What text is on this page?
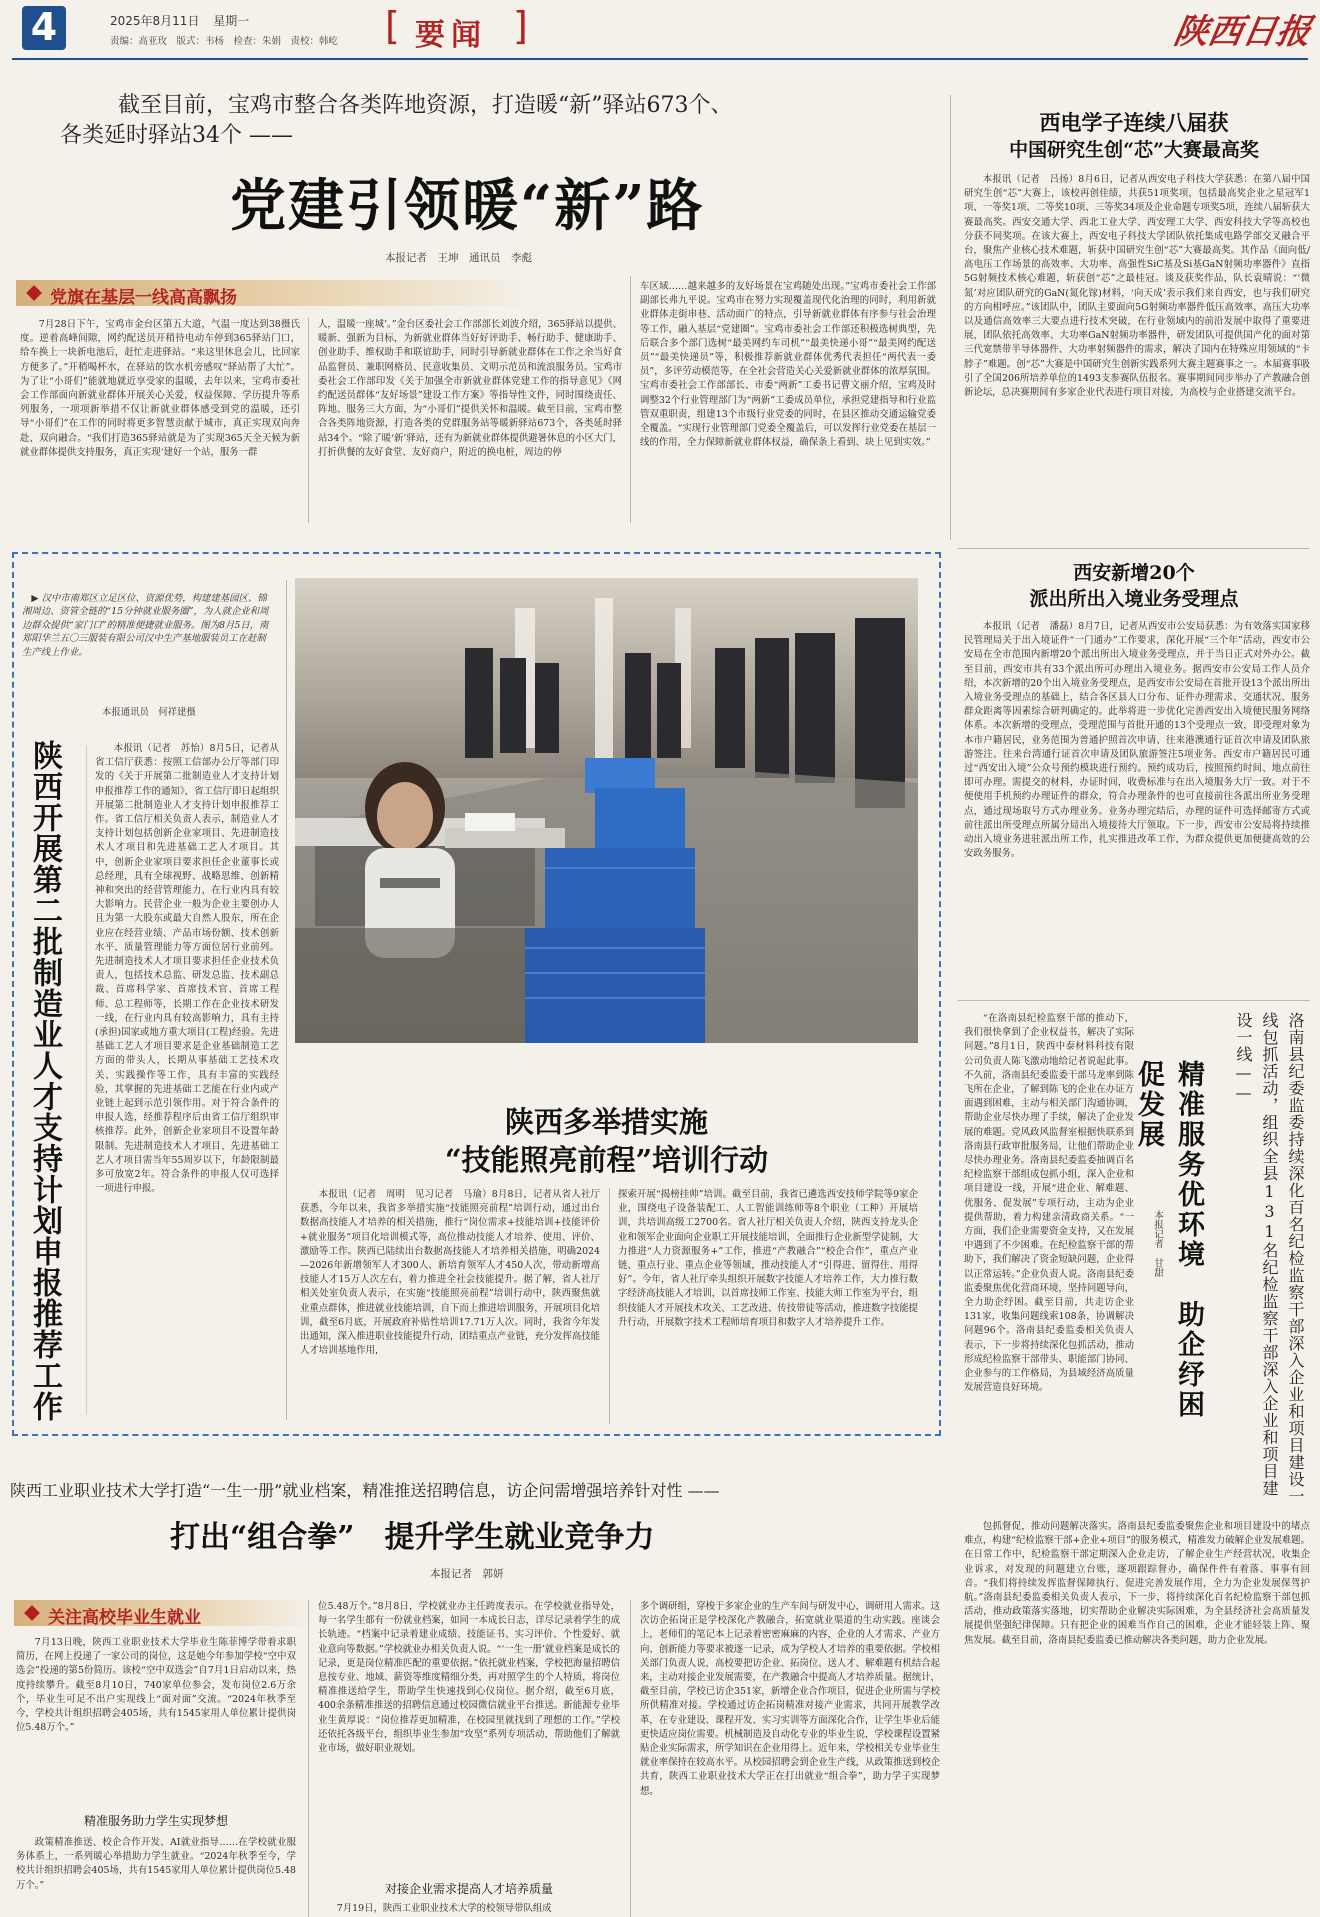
4	2025年8月11日 星期一
责编：高亚玫　版式：韦杨　检查：朱娟　责校：韩屹 [ 要闻 ]	陕西日报
截至目前，宝鸡市整合各类阵地资源，打造暖“新”驿站673个、
各类延时驿站34个 ——
党建引领暖“新”路
本报记者　王坤　通讯员　李彪
党旗在基层一线高高飘扬
7月28日下午，宝鸡市金台区第五大道，气温一度达到38摄氏度。逆着高峰间隙，网约配送员开稍待电动车停到365驿站门口，给车换上一块新电池后，赶忙走进驿站。“来这里休息会儿，比回家方便多了。”开稍喝杯水，在驿站的饮水机旁感叹“驿站帮了大忙”。为了让“小哥们”能就地就近享受家的温暖，去年以来，宝鸡市委社会工作部面向新就业群体开展关心关爱，权益保障、学历提升等系列服务，一项项新举措不仅让新就业群体感受到党的温暖，还引导“小哥们”在工作的同时将更多智慧贡献于城市，真正实现双向奔赴、双向融合。“我们打造365驿站就是为了实现365天全天候为新就业群体提供支持服务，真正实现‘建好一个站，服务一群
人，温暖一座城’。”金台区委社会工作部部长刘波介绍，365驿站以提供、暖新、强新为目标，为新就业群体当好好评助手、畅行助手、健康助手、创业助手、维权助手和联谊助手，同时引导新就业群体在工作之余当好食品监督员、兼职网格员、民意收集员、文明示范员和流浪服务员。宝鸡市委社会工作部印发《关于加强全市新就业群体党建工作的指导意见》《网约配送员群体“友好场景”建设工作方案》等指导性文件，同时围绕责任、阵地、服务三大方面，为“小哥们”提供关怀和温暖。截至目前，宝鸡市整合各类阵地资源，打造各类的党群服务站等暖新驿站673个，各类延时驿站34个。“除了暖‘新’驿站，还有为新就业群体提供避暑休息的小区大门，打折供餐的友好食堂、友好商户，附近的换电桩，周边的停
车区域……越来越多的友好场景在宝鸡随处出现。”宝鸡市委社会工作部副部长弗九平说。宝鸡市在努力实现覆盖现代化治理的同时，利用新就业群体走街串巷、活动面广的特点，引导新就业群体有序参与社会治理等工作，融入基层“党建圈”。宝鸡市委社会工作部还积极选树典型，先后联合多个部门选树“最美网约车司机”“最美快递小哥”“最美网约配送员”“最美快递员”等，积极推荐新就业群体优秀代表担任“两代表一委员”，多评劳动模范等，在全社会营造关心关爱新就业群体的浓厚氛围。宝鸡市委社会工作部部长、市委“两新”工委书记曹文丽介绍，宝鸡及时调整32个行业管理部门为“两新”工委成员单位，承担党建指导和行业监管双重职责，组建13个市级行业党委的同时，在县区推动交通运输党委全覆盖。“实现行业管理部门党委全覆盖后，可以发挥行业党委在基层一线的作用，全力保障新就业群体权益，确保条上看到、块上见到实效。”
西电学子连续八届获
中国研究生创“芯”大赛最高奖
本报讯（记者　吕扬）8月6日，记者从西安电子科技大学获悉：在第八届中国研究生创“芯”大赛上，该校再创佳绩，共获51项奖项，包括最高奖企业之星冠军1项、一等奖1项、二等奖10项、三等奖34项及企业命题专项奖5项，连续八届斩获大赛最高奖。西安交通大学、西北工业大学、西安理工大学、西安科技大学等高校也分获不同奖项。在该大赛上，西安电子科技大学团队依托集成电路学部交叉融合平台，聚焦产业核心技术难题，斩获中国研究生创“芯”大赛最高奖。其作品《面向低/高电压工作场景的高效率、大功率、高强性SiC基及Si基GaN射频功率器件》直指5G射频技术核心难题，斩获创“芯”之最桂冠。谈及获奖作品，队长袁晴说：“‘微氮’对应团队研究的GaN(氮化镓)材料，‘向天成’表示我们来自西安，也与我们研究的方向相呼应。”该团队中，团队主要面向5G射频功率器件低压高效率、高压大功率以及通信高效率三大要点进行技术突破，在行业领域内的前沿发展中取得了重要进展，团队依托高效率、大功率GaN射频功率器件，研发团队可提供国产化的面对第三代宽禁带半导体器件、大功率射频器件的需求，解决了国内在特殊应用领域的“卡脖子”难题。创“芯”大赛是中国研究生创新实践系列大赛主题赛事之一。本届赛事吸引了全国206所培养单位的1493支参赛队伍报名。赛事期间同步举办了产教融合创新论坛，总决赛期间有多家企业代表进行项目对接，为高校与企业搭建交流平台。
▶ 汉中市南郑区立足区位、资源优势，构建建基园区、锦湘周边、资管全链的“15分钟就业服务圈”，为人就企业和周边群众提供“家门口”的精准便捷就业服务。图为8月5日，南郑阳华兰五〇三服装有限公司汉中生产基地服装员工在赶制生产线上作业。
本报通讯员　何祥建摄
陕西开展第二批制造业人才支持计划申报推荐工作	本报讯（记者　苏怡）8月5日，记者从省工信厅获悉：按照工信部办公厅等部门印发的《关于开展第二批制造业人才支持计划申报推荐工作的通知》，省工信厅即日起组织开展第二批制造业人才支持计划申报推荐工作。省工信厅相关负责人表示，制造业人才支持计划包括创新企业家项目、先进制造技术人才项目和先进基础工艺人才项目。其中，创新企业家项目要求担任企业董事长或总经理，具有全球视野、战略思维、创新精神和突出的经营管理能力，在行业内具有较大影响力。民营企业一般为企业主要创办人且为第一大股东或最大自然人股东，所在企业应在经营业绩、产品市场份额、技术创新水平、质量管理能力等方面位居行业前列。先进制造技术人才项目要求担任企业技术负责人，包括技术总监、研发总监、技术副总裁、首席科学家、首席技术官、首席工程师、总工程师等，长期工作在企业技术研发一线，在行业内具有较高影响力，具有主持(承担)国家或地方重大项目(工程)经验。先进基础工艺人才项目要求是企业基础制造工艺方面的带头人，长期从事基础工艺技术攻关、实践操作等工作，具有丰富的实践经验，其掌握的先进基础工艺能在行业内或产业链上起到示范引领作用。对于符合条件的申报人选，经推荐程序后由省工信厅组织审核推荐。此外，创新企业家项目不设置年龄限制。先进制造技术人才项目、先进基础工艺人才项目需当年55周岁以下，年龄限制最多可放宽2年。符合条件的申报人仅可选择一项进行申报。
陕西多举措实施
“技能照亮前程”培训行动
本报讯（记者　周明　见习记者　马瑜）8月8日，记者从省人社厅获悉，今年以来，我省多举措实施“技能照亮前程”培训行动，通过出台数据高技能人才培养的相关措施，推行“岗位需求+技能培训+技能评价+就业服务”项目化培训模式等，高位推动技能人才培养、使用、评价、激励等工作。陕西已陆续出台数据高技能人才培养相关措施，明确2024—2026年新增领军人才300人、新培育领军人才450人次，带动新增高技能人才15万人次左右，着力推进全社会技能提升。据了解，省人社厅相关处室负责人表示，在实施“技能照亮前程”培训行动中，陕西聚焦就业重点群体，推进就业技能培训，自下而上推进培训服务，开展项目化培训，截至6月底，开展政府补贴性培训17.71万人次。同时，我省今年发出通知，深入推进职业技能提升行动，团结重点产业链，充分发挥高技能人才培训基地作用，
探索开展“揭榜挂帅”培训。截至目前，我省已遴选西安技师学院等9家企业，围绕电子设备装配工、人工智能训练师等8个职业（工种）开展培训，共培训高级工2700名。省人社厅相关负责人介绍，陕西支持龙头企业和领军企业面向企业职工开展技能培训，全面推行企业新型学徒制，大力推进“人力资源服务+”工作，推进“产教融合”“校企合作”，重点产业链、重点行业、重点企业等领域，推动技能人才“引得进、留得住、用得好”。今年，省人社厅牵头组织开展数字技能人才培养工作，大力推行数字经济高技能人才培训，以首席技师工作室、技能大师工作室为平台，组织技能人才开展技术攻关、工艺改进、传技带徒等活动，推进数字技能提升行动，开展数字技术工程师培育项目和数字人才培养提升工作。
西安新增20个
派出所出入境业务受理点
本报讯（记者　潘磊）8月7日，记者从西安市公安局获悉：为有效落实国家移民管理局关于出入境证件“一门通办”工作要求，深化开展“三个年”活动，西安市公安局在全市范围内新增20个派出所出入境业务受理点，并于当日正式对外办公。截至目前，西安市共有33个派出所可办理出入境业务。据西安市公安局工作人员介绍，本次新增的20个出入境业务受理点，是西安市公安局在首批开设13个派出所出入境业务受理点的基础上，结合各区县人口分布、证件办理需求、交通状况、服务群众距离等因素综合研判确定的。此举将进一步优化完善西安出入境便民服务网络体系。本次新增的受理点，受理范围与首批开通的13个受理点一致，即受理对象为本市户籍居民，业务范围为普通护照首次申请、往来港澳通行证首次申请及团队旅游签注、往来台湾通行证首次申请及团队旅游签注5项业务。西安市户籍居民可通过“西安出入境”公众号预约模块进行预约。预约成功后，按照预约时间、地点前往即可办理。需提交的材料，办证时间，收费标准与在出入境服务大厅一致。对于不便使用手机预约办理证件的群众，符合办理条件的也可直接前往各派出所业务受理点，通过现场取号方式办理业务。业务办理完结后，办理的证件可选择邮寄方式或前往派出所受理点所属分局出入境接待大厅领取。下一步，西安市公安局将持续推动出入境业务进驻派出所工作，扎实推进改革工作，为群众提供更加便捷高效的公安政务服务。
“在洛南县纪检监察干部的推动下，我们很快拿到了企业权益书，解决了实际问题。”8月1日，陕西中泰材料科技有限公司负责人陈飞激动地给记者说起此事。不久前，洛南县纪委监委干部马龙率到陈飞所在企业，了解到陈飞的企业在办证方面遇到困难，主动与相关部门沟通协调，帮助企业尽快办理了手续，解决了企业发展的难题。党风政风监督室根据快联系到洛南县行政审批服务局，让他们帮助企业尽快办理业务。洛南县纪委监委抽调百名纪检监察干部组成包抓小组，深入企业和项目建设一线，开展“进企业、解难题、优服务、促发展”专项行动，主动为企业提供帮助，着力构建亲清政商关系。“一方面，我们企业需要资金支持，又在发展中遇到了不少困难。在纪检监察干部的帮助下，我们解决了资金短缺问题，企业得以正常运转。”企业负责人说。洛南县纪委监委聚焦优化营商环境，坚持问题导向，全力助企纾困。截至目前，共走访企业131家，收集问题线索108条，协调解决问题96个。洛南县纪委监委相关负责人表示，下一步将持续深化包抓活动，推动形成纪检监察干部带头、职能部门协同、企业参与的工作格局，为县域经济高质量发展营造良好环境。
本报记者　甘甜 精准服务优环境　助企纾困促发展	洛南县纪委监委持续深化百名纪检监察干部深入企业和项目建设一线包抓活动，组织全县131名纪检监察干部深入企业和项目建设一线——
陕西工业职业技术大学打造“一生一册”就业档案，精准推送招聘信息，访企问需增强培养针对性 ——
打出“组合拳”　提升学生就业竞争力
本报记者　郭妍
关注高校毕业生就业
7月13日晚，陕西工业职业技术大学毕业生陈菲博学带着求职简历，在网上投递了一家公司的岗位，这是她今年参加学校“空中双选会”投递的第5份简历。该校“空中双选会”自7月1日启动以来，热度持续攀升。截至8月10日，740家单位参会，发布岗位2.6万余个，毕业生可足不出户实现线上“面对面”交流。“2024年秋季至今，学校共计组织招聘会405场，共有1545家用人单位累计提供岗位5.48万个。”
精准服务助力学生实现梦想
政策精准推送、校企合作开发、AI就业指导……在学校就业服务体系上，一系列暖心举措助力学生就业。“2024年秋季至今，学校共计组织招聘会405场，共有1545家用人单位累计提供岗位5.48万个。”
位5.48万个。”8月8日，学校就业办主任跨度表示。在学校就业指导处，每一名学生都有一份就业档案，如同一本成长日志，详尽记录着学生的成长轨迹。“档案中记录着建业成绩、技能证书、实习评价、个性爱好、就业意向等数据。”学校就业办相关负责人说。“‘一生一册’就业档案是成长的记录，更是岗位精准匹配的重要依据。”依托就业档案，学校把海量招聘信息按专业、地域、薪资等维度精细分类，再对照学生的个人特质，将岗位精准推送给学生，帮助学生快速找到心仪岗位。据介绍，截至6月底，400余条精准推送的招聘信息通过校园微信就业平台推送。新能源专业毕业生黄厚说：“岗位推荐更加精准，在校园里就找到了理想的工作。”学校还依托各级平台，组织毕业生参加“攻坚”系列专项活动，帮助他们了解就业市场，做好职业规划。
对接企业需求提高人才培养质量
7月19日，陕西工业职业技术大学的校领导带队组成
多个调研组，穿梭于多家企业的生产车间与研发中心，调研用人需求。这次访企拓岗正是学校深化产教融合，拓宽就业渠道的生动实践。座谈会上，老师们的笔记本上记录着密密麻麻的内容，企业的人才需求、产业方向、创新能力等要求被逐一记录，成为学校人才培养的重要依据。学校相关部门负责人说，高校要把访企业、拓岗位、送人才、解难题有机结合起来，主动对接企业发展需要，在产教融合中提高人才培养质量。据统计，截至目前，学校已访企351家，新增企业合作项目，促进企业所需与学校所供精准对接。学校通过访企拓岗精准对接产业需求，共同开展教学改革，在专业建设、课程开发、实习实训等方面深化合作，让学生毕业后能更快适应岗位需要。机械制造及自动化专业的毕业生说，学校课程设置紧贴企业实际需求，所学知识在企业用得上。近年来，学校相关专业毕业生就业率保持在较高水平。从校园招聘会到企业生产线，从政策推送到校企共育，陕西工业职业技术大学正在打出就业“组合拳”，助力学子实现梦想。
包抓督促，推动问题解决落实。洛南县纪委监委聚焦企业和项目建设中的堵点难点，构建“纪检监察干部+企业+项目”的服务模式，精准发力破解企业发展难题。在日常工作中，纪检监察干部定期深入企业走访，了解企业生产经营状况，收集企业诉求，对发现的问题建立台账，逐项跟踪督办，确保件件有着落、事事有回音。“我们将持续发挥监督保障执行、促进完善发展作用，全力为企业发展保驾护航。”洛南县纪委监委相关负责人表示，下一步，将持续深化百名纪检监察干部包抓活动，推动政策落实落地，切实帮助企业解决实际困难，为全县经济社会高质量发展提供坚强纪律保障。只有把企业的困难当作自己的困难，企业才能轻装上阵、聚焦发展。截至目前，洛南县纪委监委已推动解决各类问题，助力企业发展。
